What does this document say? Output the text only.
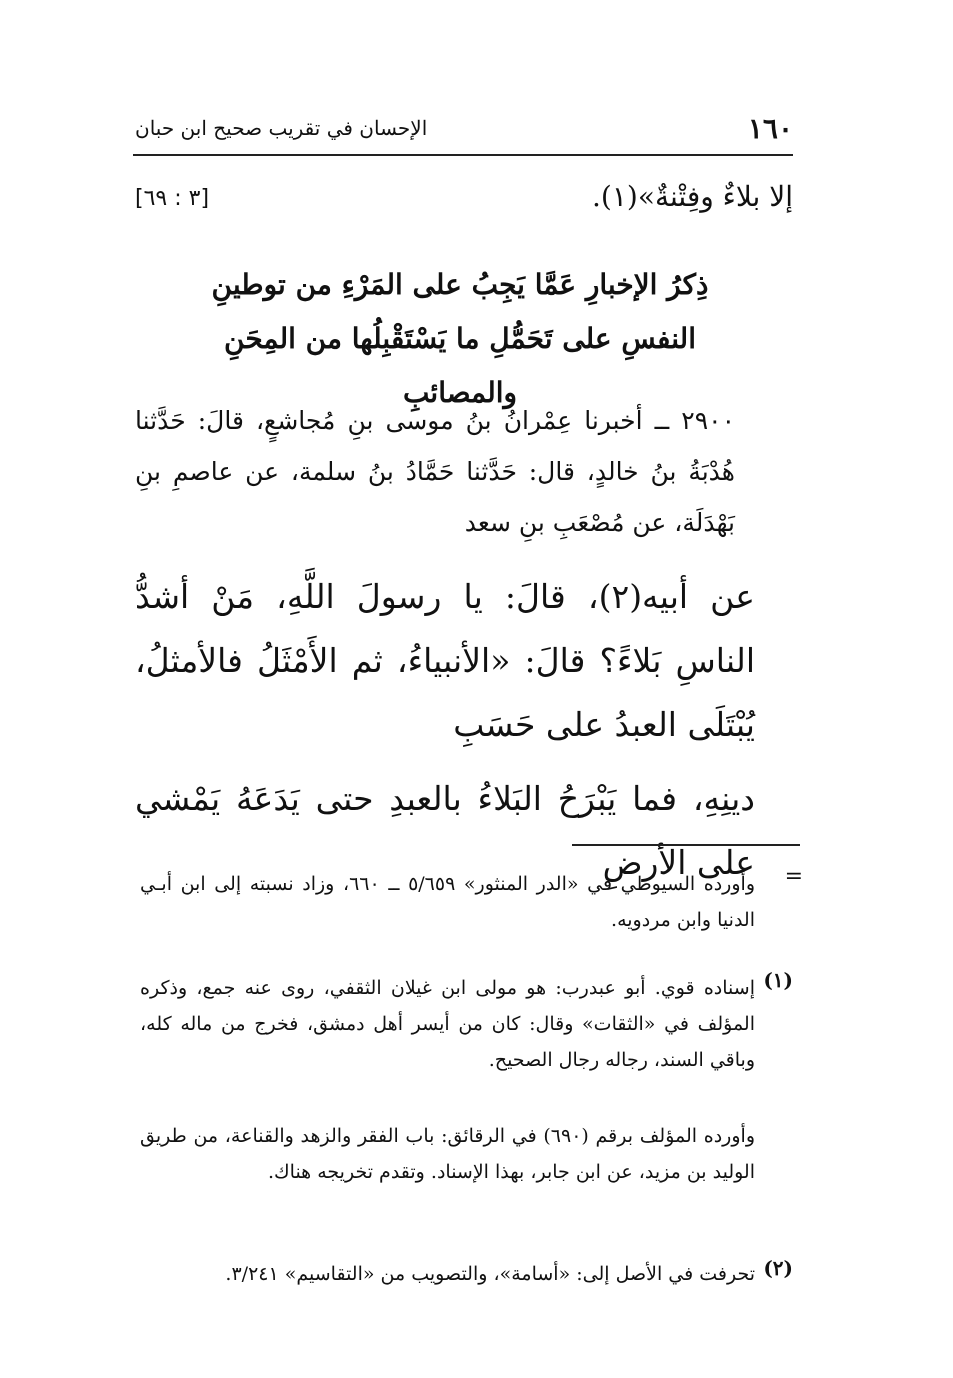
١٦٠
الإحسان في تقريب صحيح ابن حبان
إلا بلاءٌ وفِتْنةٌ»(١).
[٣ : ٦٩]
ذِكرُ الإخبارِ عَمَّا يَجِبُ على المَرْءِ من توطينِ النفسِ على تَحَمُّلِ ما يَسْتَقْبِلُها من المِحَنِ والمصائبِ
٢٩٠٠ ــ أخبرنا عِمْرانُ بنُ موسى بنِ مُجاشعٍ، قالَ: حَدَّثنا هُدْبَةُ بنُ خالدٍ، قال: حَدَّثنا حَمَّادُ بنُ سلمة، عن عاصمِ بنِ بَهْدَلَة، عن مُصْعَبِ بنِ سعد

عن أبيه(٢)، قالَ: يا رسولَ اللَّهِ، مَنْ أشدُّ الناسِ بَلاءً؟ قالَ: «الأنبياءُ، ثم الأَمْثَلُ فالأمثلُ، يُبْتَلَى العبدُ على حَسَبِ

دينِهِ، فما يَبْرَحُ البَلاءُ بالعبدِ حتى يَدَعَهُ يَمْشي على الأرضِ =
وأورده السيوطي في «الدر المنثور» ٥/٦٥٩ ــ ٦٦٠، وزاد نسبته إلى ابن أبـي الدنيا وابن مردويه.
(١)
إسناده قوي. أبو عبدرب: هو مولى ابن غيلان الثقفي، روى عنه جمع، وذكره المؤلف في «الثقات» وقال: كان من أيسر أهل دمشق، فخرج من ماله كله، وباقي السند، رجاله رجال الصحيح.
وأورده المؤلف برقم (٦٩٠) في الرقائق: باب الفقر والزهد والقناعة، من طريق الوليد بن مزيد، عن ابن جابر، بهذا الإسناد. وتقدم تخريجه هناك.
(٢)
تحرفت في الأصل إلى: «أسامة»، والتصويب من «التقاسيم» ٣/٢٤١.
